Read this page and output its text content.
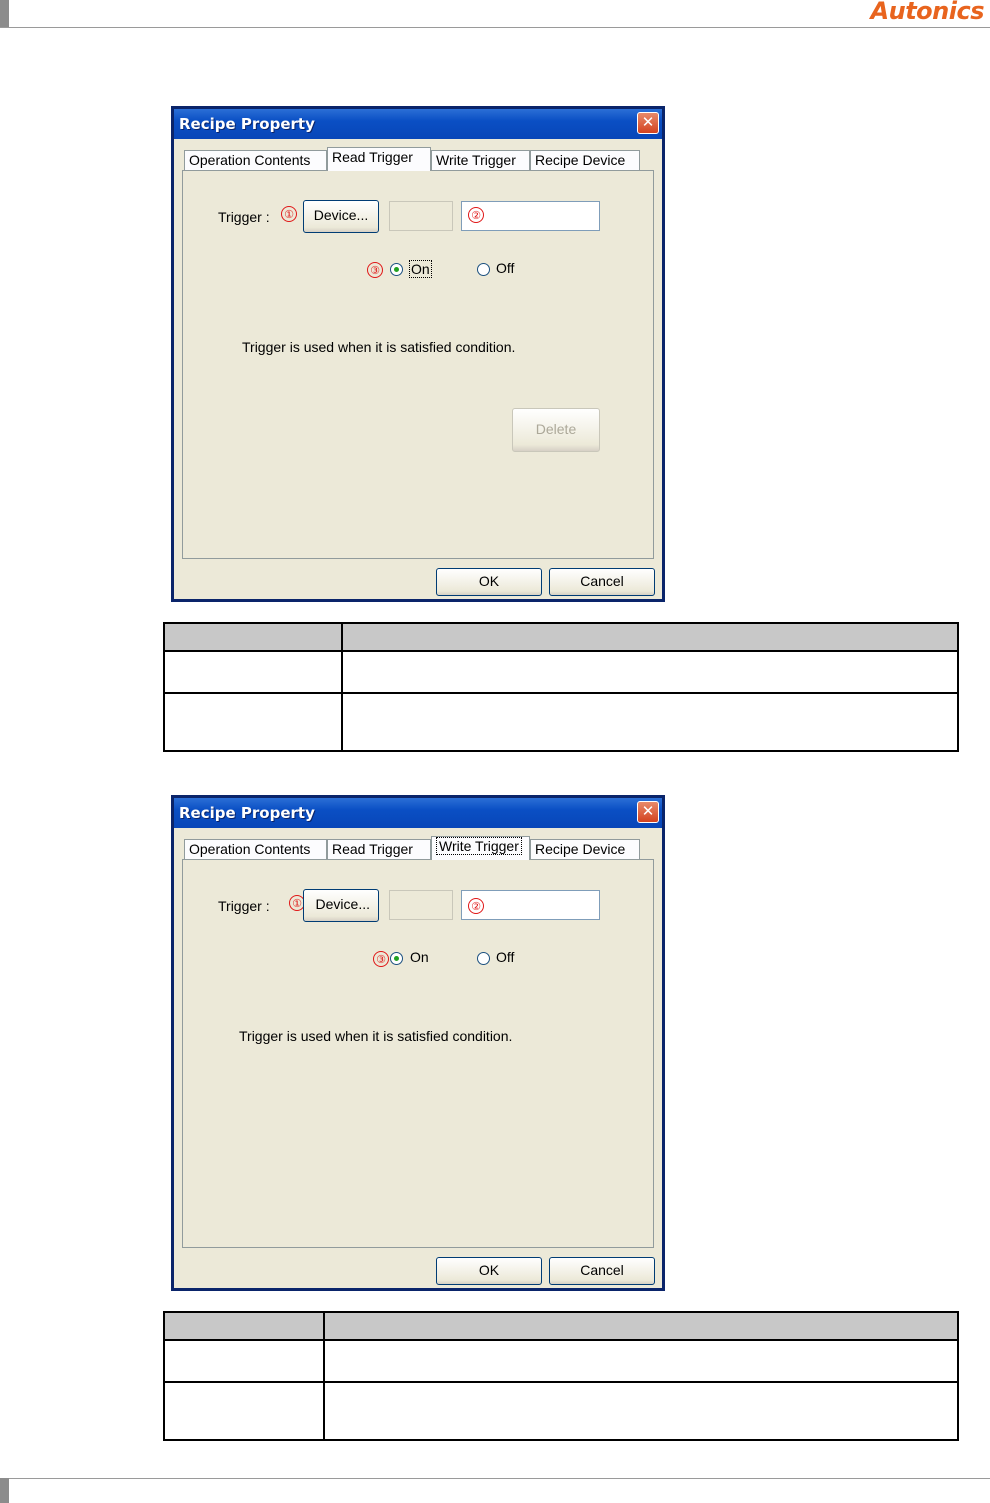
Autonics
Recipe Property	✕
Operation Contents	Read Trigger	Write Trigger	Recipe Device
Trigger : ①	Device...	②
③ On	Off
Trigger is used when it is satisfied condition.
Delete
OK	Cancel

Recipe Property	✕
Operation Contents	Read Trigger	Write Trigger	Recipe Device
Trigger : ① Device...	②
③ On	Off
Trigger is used when it is satisfied condition.
OK	Cancel
